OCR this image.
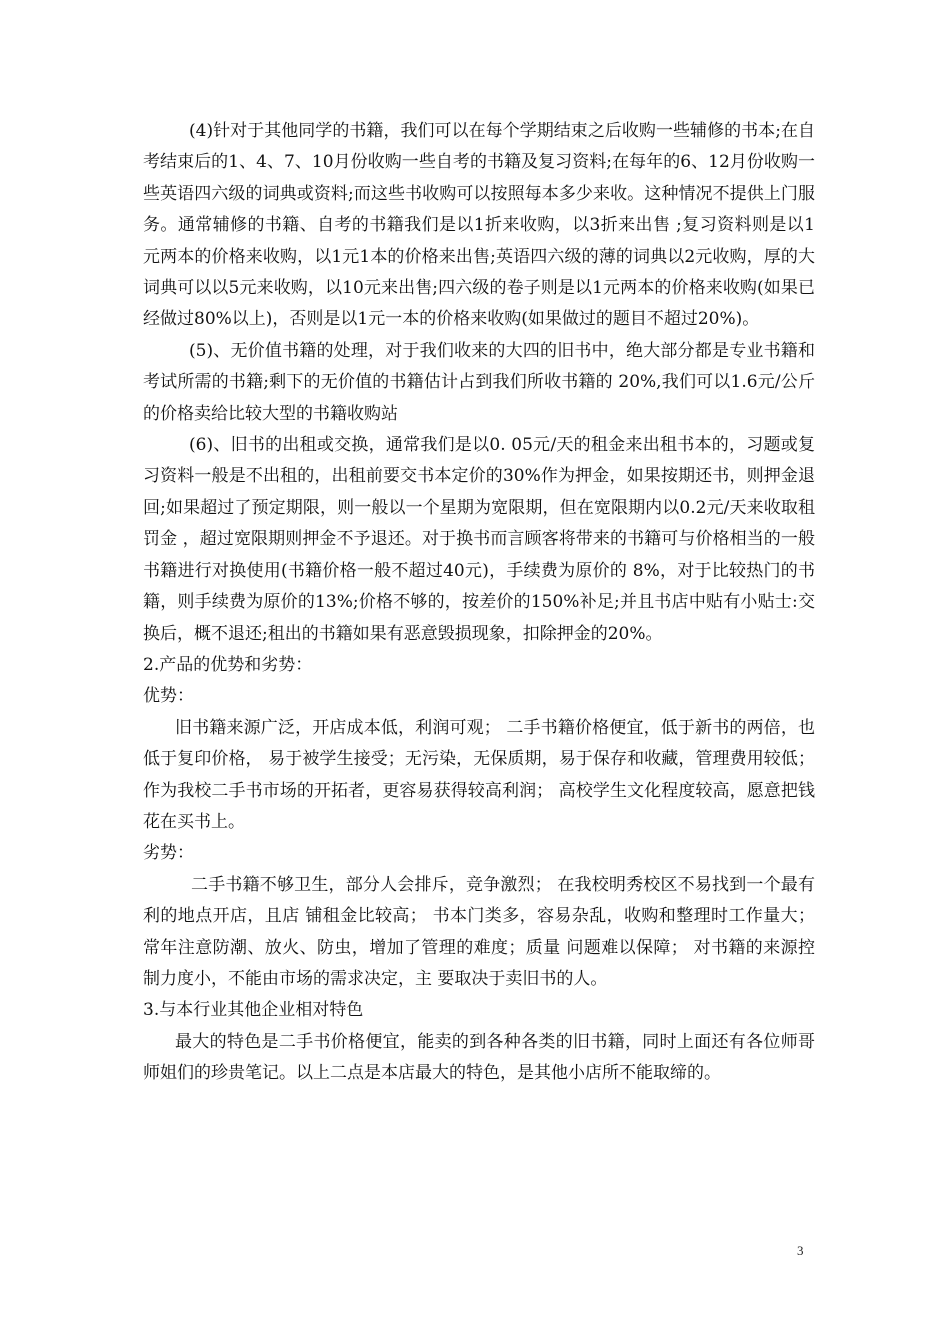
(4)针对于其他同学的书籍，我们可以在每个学期结束之后收购一些辅修的书本;在自考结束后的1、4、7、10月份收购一些自考的书籍及复习资料;在每年的6、12月份收购一些英语四六级的词典或资料;而这些书收购可以按照每本多少来收。这种情况不提供上门服务。通常辅修的书籍、自考的书籍我们是以1折来收购，以3折来出售 ;复习资料则是以1元两本的价格来收购，以1元1本的价格来出售;英语四六级的薄的词典以2元收购，厚的大词典可以以5元来收购，以10元来出售;四六级的卷子则是以1元两本的价格来收购(如果已经做过80%以上)，否则是以1元一本的价格来收购(如果做过的题目不超过20%)。

(5)、无价值书籍的处理，对于我们收来的大四的旧书中，绝大部分都是专业书籍和考试所需的书籍;剩下的无价值的书籍估计占到我们所收书籍的 20%,我们可以1.6元/公斤的价格卖给比较大型的书籍收购站

(6)、旧书的出租或交换，通常我们是以0. 05元/天的租金来出租书本的，习题或复习资料一般是不出租的，出租前要交书本定价的30%作为押金，如果按期还书，则押金退回;如果超过了预定期限，则一般以一个星期为宽限期，但在宽限期内以0.2元/天来收取租罚金 ，超过宽限期则押金不予退还。对于换书而言顾客将带来的书籍可与价格相当的一般书籍进行对换使用(书籍价格一般不超过40元)，手续费为原价的 8%，对于比较热门的书籍，则手续费为原价的13%;价格不够的，按差价的150%补足;并且书店中贴有小贴士:交换后，概不退还;租出的书籍如果有恶意毁损现象，扣除押金的20%。

2.产品的优势和劣势：

优势：

旧书籍来源广泛，开店成本低，利润可观； 二手书籍价格便宜，低于新书的两倍，也低于复印价格， 易于被学生接受；无污染，无保质期，易于保存和收藏，管理费用较低； 作为我校二手书市场的开拓者，更容易获得较高利润； 高校学生文化程度较高，愿意把钱花在买书上。

劣势：

二手书籍不够卫生，部分人会排斥，竞争激烈； 在我校明秀校区不易找到一个最有利的地点开店，且店 铺租金比较高； 书本门类多，容易杂乱，收购和整理时工作量大； 常年注意防潮、放火、防虫，增加了管理的难度；质量 问题难以保障； 对书籍的来源控制力度小，不能由市场的需求决定，主 要取决于卖旧书的人。

3.与本行业其他企业相对特色

最大的特色是二手书价格便宜，能卖的到各种各类的旧书籍，同时上面还有各位师哥师姐们的珍贵笔记。以上二点是本店最大的特色，是其他小店所不能取缔的。

3
